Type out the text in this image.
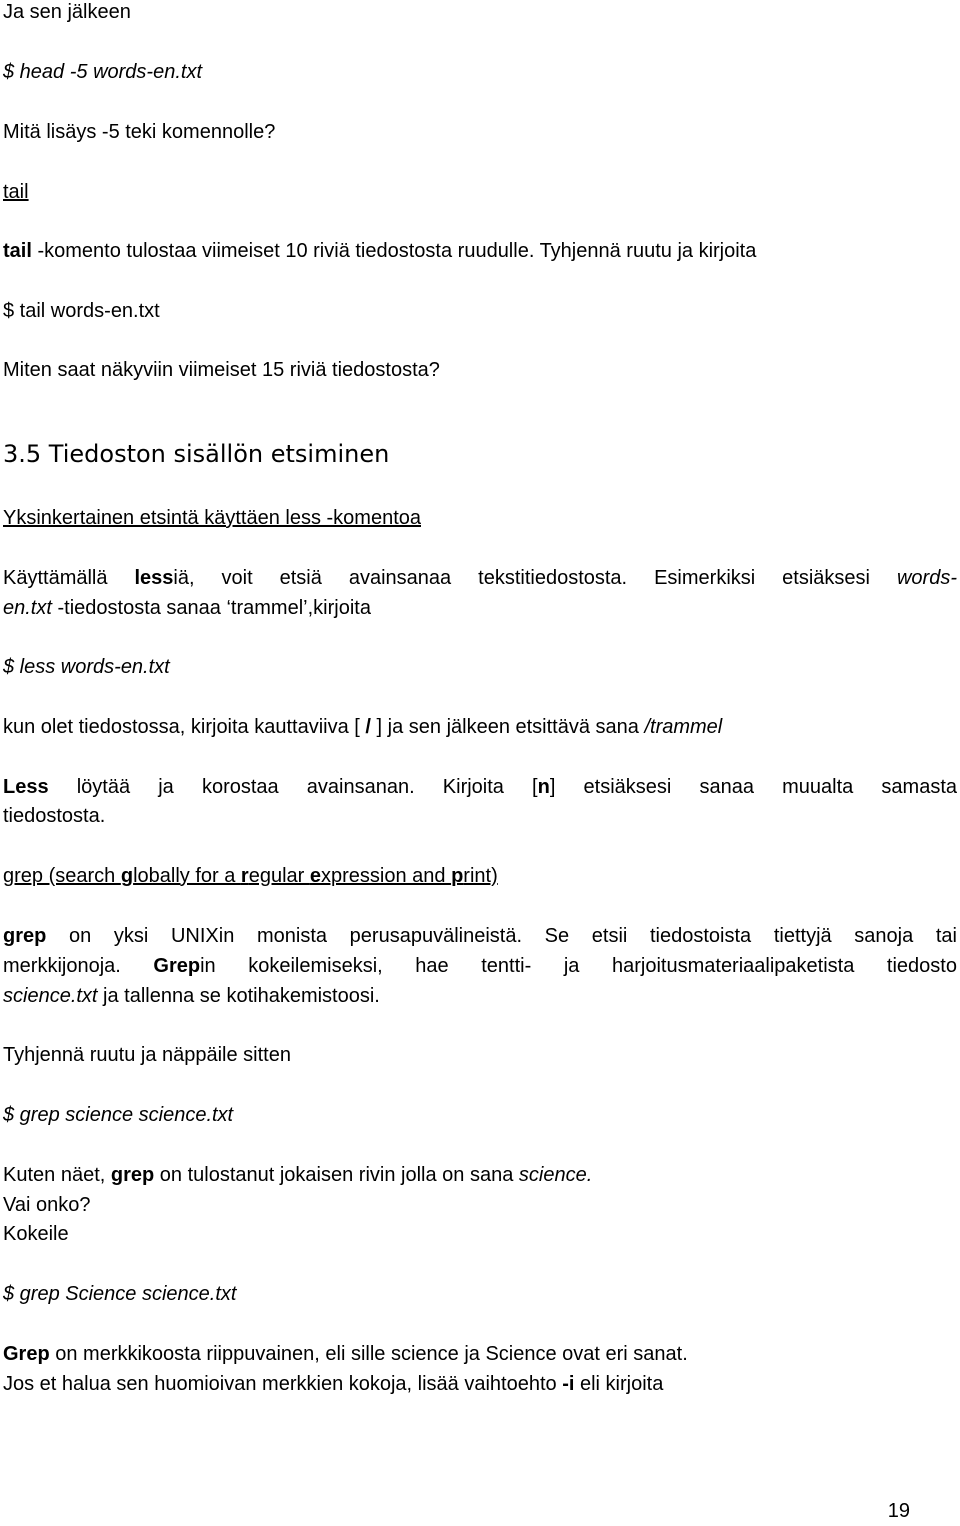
Ja sen jälkeen
$ head -5 words-en.txt
Mitä lisäys -5 teki komennolle?
tail
tail -komento tulostaa viimeiset 10 riviä tiedostosta ruudulle. Tyhjennä ruutu ja kirjoita
$ tail words-en.txt
Miten saat näkyviin viimeiset 15 riviä tiedostosta?
3.5 Tiedoston sisällön etsiminen
Yksinkertainen etsintä käyttäen less -komentoa
Käyttämällä lessiä, voit etsiä avainsanaa tekstitiedostosta. Esimerkiksi etsiäksesi words-
en.txt -tiedostosta sanaa ‘trammel’,kirjoita
$ less words-en.txt
kun olet tiedostossa, kirjoita kauttaviiva [ / ] ja sen jälkeen etsittävä sana /trammel
Less löytää ja korostaa avainsanan. Kirjoita [n] etsiäksesi sanaa muualta samasta
tiedostosta.
grep (search globally for a regular expression and print)
grep on yksi UNIXin monista perusapuvälineistä. Se etsii tiedostoista tiettyjä sanoja tai
merkkijonoja. Grepin kokeilemiseksi, hae tentti- ja harjoitusmateriaalipaketista tiedosto
science.txt ja tallenna se kotihakemistoosi.
Tyhjennä ruutu ja näppäile sitten
$ grep science science.txt
Kuten näet, grep on tulostanut jokaisen rivin jolla on sana science.
Vai onko?
Kokeile
$ grep Science science.txt
Grep on merkkikoosta riippuvainen, eli sille science ja Science ovat eri sanat.
Jos et halua sen huomioivan merkkien kokoja, lisää vaihtoehto -i eli kirjoita
19
